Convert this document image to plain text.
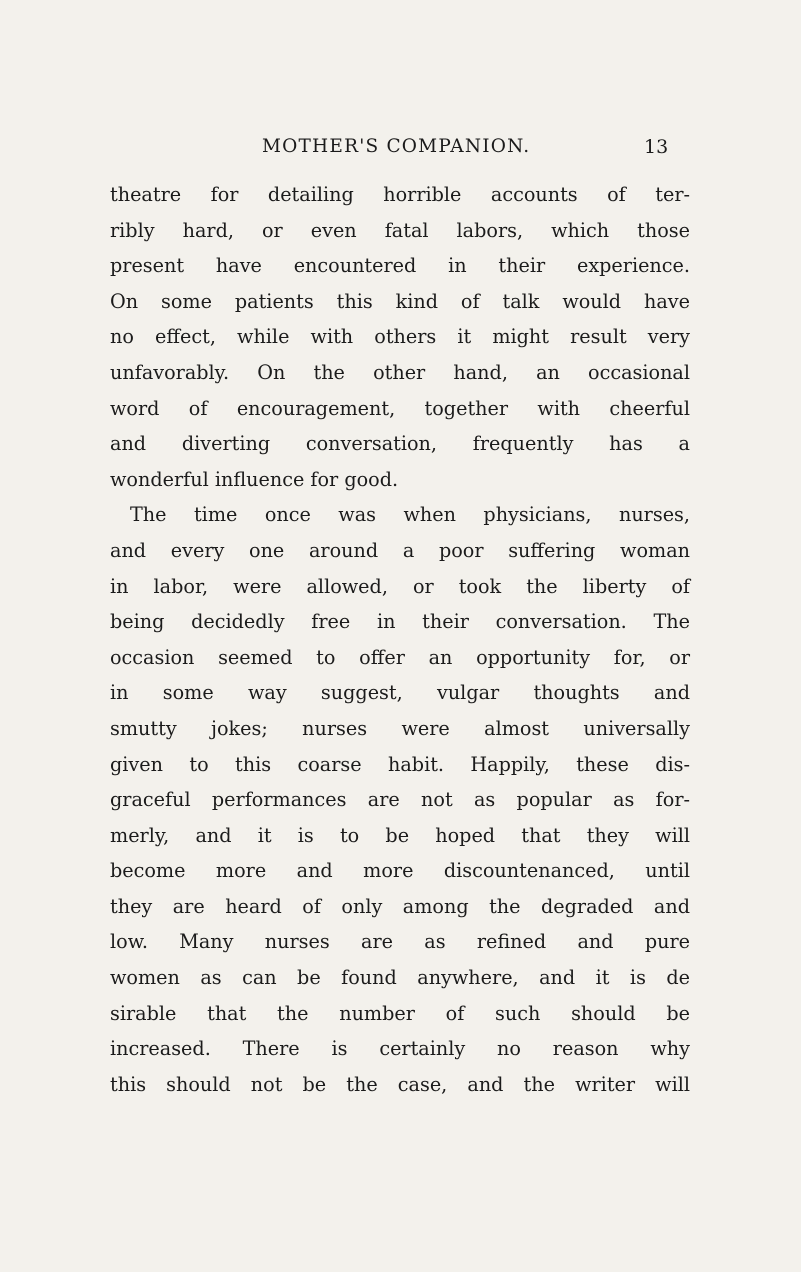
MOTHER'S COMPANION.	13
theatre for detailing horrible accounts of ter-
ribly hard, or even fatal labors, which those
present have encountered in their experience.
On some patients this kind of talk would have
no effect, while with others it might result very
unfavorably. On the other hand, an occasional
word of encouragement, together with cheerful
and diverting conversation, frequently has a
wonderful influence for good.
The time once was when physicians, nurses,
and every one around a poor suffering woman
in labor, were allowed, or took the liberty of
being decidedly free in their conversation. The
occasion seemed to offer an opportunity for, or
in some way suggest, vulgar thoughts and
smutty jokes; nurses were almost universally
given to this coarse habit. Happily, these dis-
graceful performances are not as popular as for-
merly, and it is to be hoped that they will
become more and more discountenanced, until
they are heard of only among the degraded and
low. Many nurses are as refined and pure
women as can be found anywhere, and it is de
sirable that the number of such should be
increased. There is certainly no reason why
this should not be the case, and the writer will
